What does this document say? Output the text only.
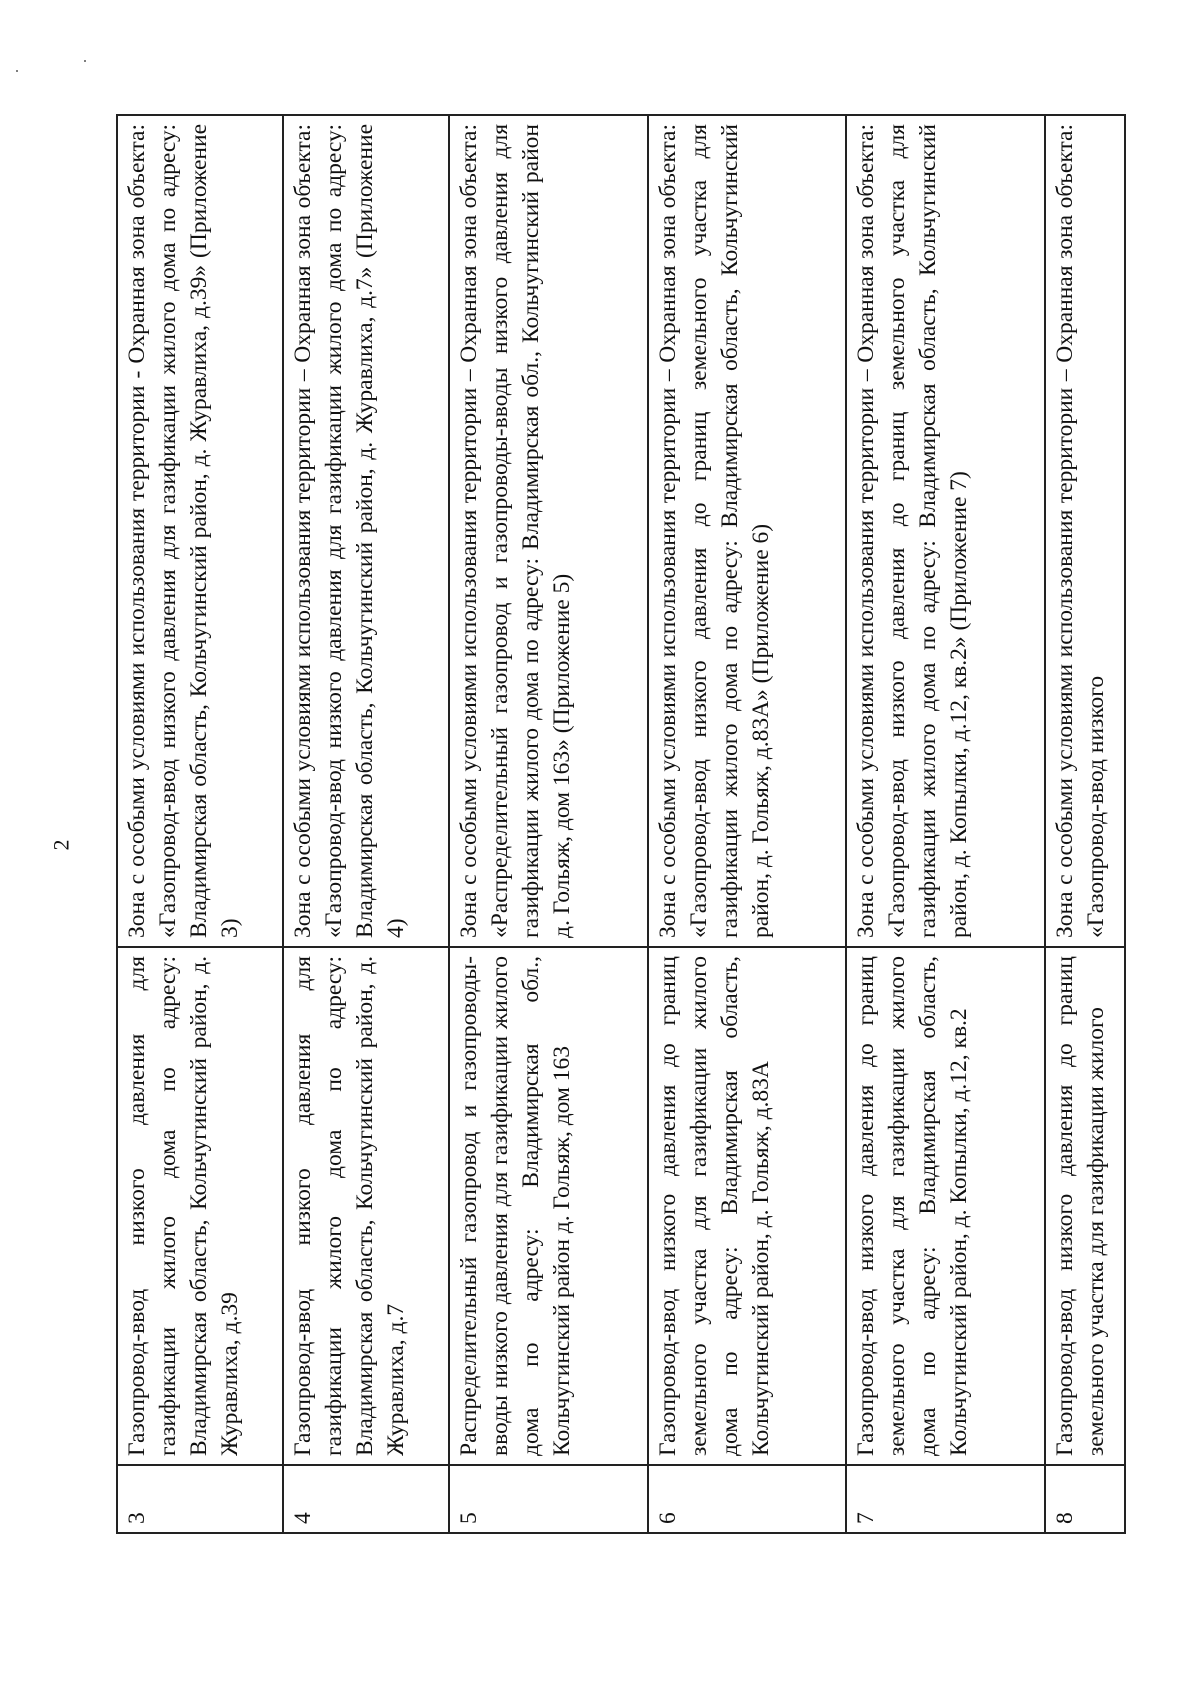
2
3	Газопровод-ввод низкого давления для газификации жилого дома по адресу: Владимирская область, Кольчугинский район, д. Журавлиха, д.39	Зона с особыми условиями использования территории - Охранная зона объекта: «Газопровод-ввод низкого давления для газификации жилого дома по адресу: Владимирская область, Кольчугинский район, д. Журавлиха, д.39» (Приложение 3)
4	Газопровод-ввод низкого давления для газификации жилого дома по адресу: Владимирская область, Кольчугинский район, д. Журавлиха, д.7	Зона с особыми условиями использования территории – Охранная зона объекта: «Газопровод-ввод низкого давления для газификации жилого дома по адресу: Владимирская область, Кольчугинский район, д. Журавлиха, д.7» (Приложение 4)
5	Распределительный газопровод и газопроводы-вводы низкого давления для газификации жилого дома по адресу: Владимирская обл., Кольчугинский район д. Гольяж, дом 163	Зона с особыми условиями использования территории – Охранная зона объекта: «Распределительный газопровод и газопроводы-вводы низкого давления для газификации жилого дома по адресу: Владимирская обл., Кольчугинский район д. Гольяж, дом 163» (Приложение 5)
6	Газопровод-ввод низкого давления до границ земельного участка для газификации жилого дома по адресу: Владимирская область, Кольчугинский район, д. Гольяж, д.83А	Зона с особыми условиями использования территории – Охранная зона объекта: «Газопровод-ввод низкого давления до границ земельного участка для газификации жилого дома по адресу: Владимирская область, Кольчугинский район, д. Гольяж, д.83А» (Приложение 6)
7	Газопровод-ввод низкого давления до границ земельного участка для газификации жилого дома по адресу: Владимирская область, Кольчугинский район, д. Копылки, д.12, кв.2	Зона с особыми условиями использования территории – Охранная зона объекта: «Газопровод-ввод низкого давления до границ земельного участка для газификации жилого дома по адресу: Владимирская область, Кольчугинский район, д. Копылки, д.12, кв.2» (Приложение 7)
8	Газопровод-ввод низкого давления до границ земельного участка для газификации жилого	Зона с особыми условиями использования территории – Охранная зона объекта: «Газопровод-ввод низкого
